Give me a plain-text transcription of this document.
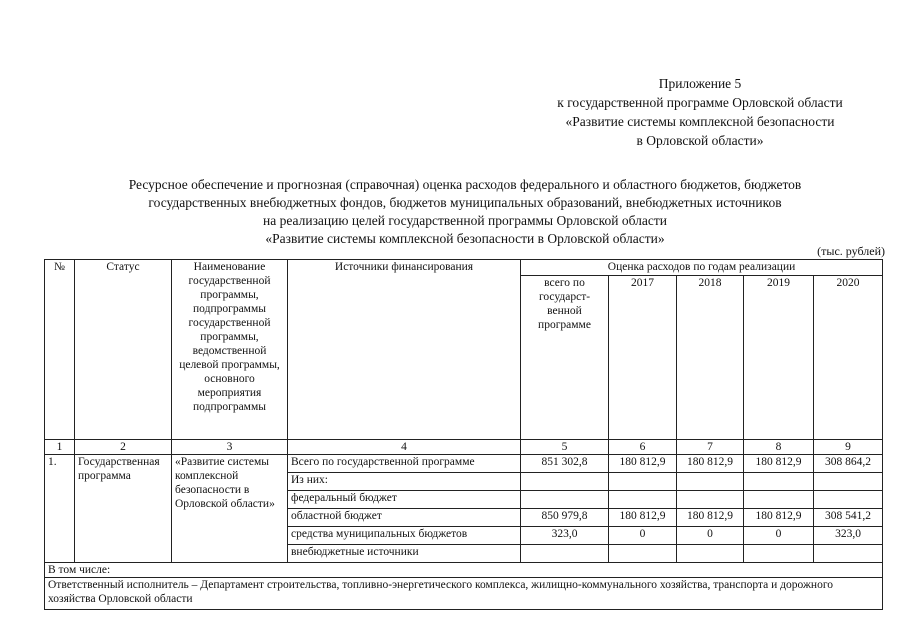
Приложение 5
к государственной программе Орловской области
«Развитие системы комплексной безопасности
в Орловской области»
Ресурсное обеспечение и прогнозная (справочная) оценка расходов федерального и областного бюджетов, бюджетов
государственных внебюджетных фондов, бюджетов муниципальных образований, внебюджетных источников
на реализацию целей государственной программы Орловской области
«Развитие системы комплексной безопасности в Орловской области»
(тыс. рублей)
№	Статус	Наименование государственной программы, подпрограммы государственной программы, ведомственной целевой программы, основного мероприятия подпрограммы	Источники финансирования	Оценка расходов по годам реализации				
				всего по государст-венной программе	2017	2018	2019	2020
1	2	3	4	5	6	7	8	9
1.	Государственная программа	«Развитие системы комплексной безопасности в Орловской области»	Всего по государственной программе	851 302,8	180 812,9	180 812,9	180 812,9	308 864,2
			Из них:					
			федеральный бюджет					
			областной бюджет	850 979,8	180 812,9	180 812,9	180 812,9	308 541,2
			средства муниципальных бюджетов	323,0	0	0	0	323,0
			внебюджетные источники					
В том числе:								
Ответственный исполнитель – Департамент строительства, топливно-энергетического комплекса, жилищно-коммунального хозяйства, транспорта и дорожного хозяйства Орловской области								
